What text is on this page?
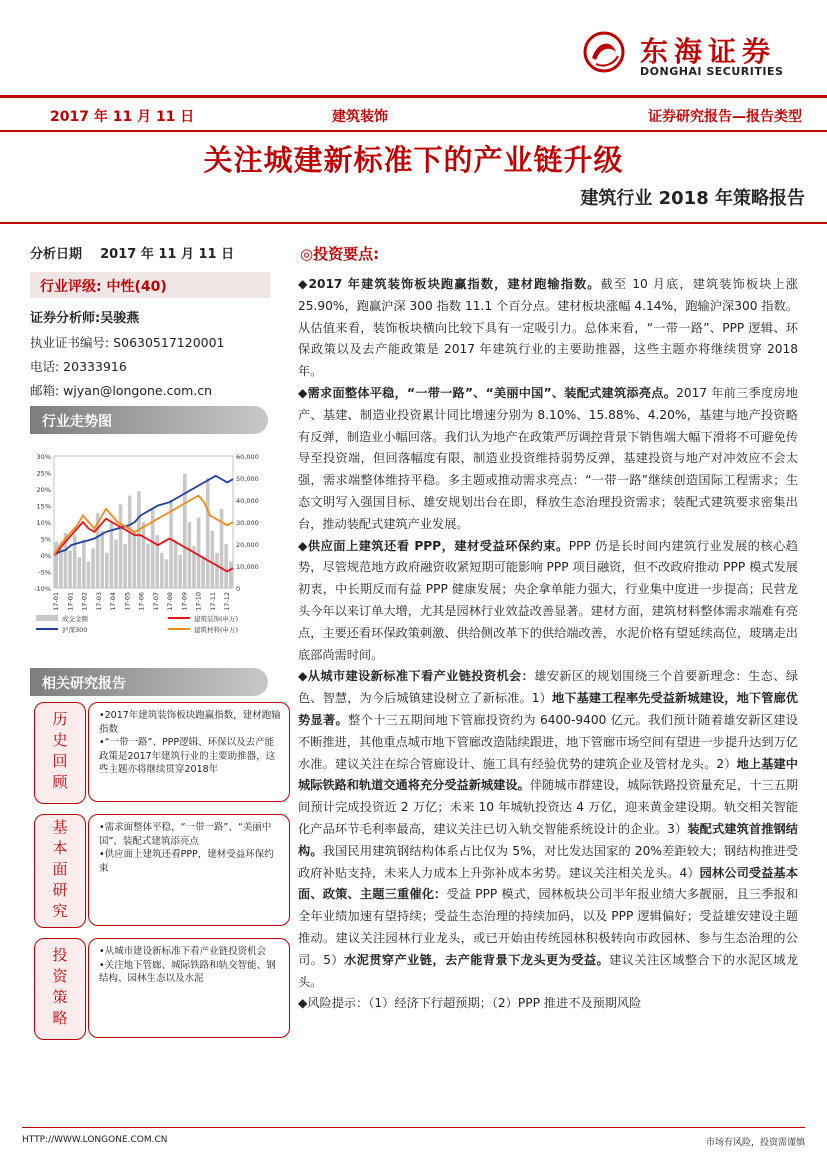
东海证券
DONGHAI SECURITIES
2017 年 11 月 11 日	建筑装饰	证券研究报告—报告类型
关注城建新标准下的产业链升级
建筑行业 2018 年策略报告
分析日期 2017 年 11 月 11 日
行业评级: 中性(40)
证券分析师:吴骏燕
执业证书编号: S0630517120001
电话: 20333916
邮箱: wjyan@longone.com.cn
行业走势图
30%
25%
20%
15%
10%
5%
0%
-5%
-10%
60,000
50,000
40,000
30,000
20,000
10,000
0
17-01 17-01 17-02 17-03 17-04 17-05 17-06 17-07 17-08 17-09 17-10 17-11 17-12
成交金额
沪深300
建筑装饰(申万)
建筑材料(申万)
相关研究报告
历史回顾	•2017年建筑装饰板块跑赢指数，建材跑输指数
•“一带一路”、PPP逻辑、环保以及去产能政策是2017年建筑行业的主要助推器，这些主题亦将继续贯穿2018年
基本面研究	•需求面整体平稳，“一带一路”、“美丽中国”、装配式建筑添亮点
•供应面上建筑还看PPP，建材受益环保约束
投资策略	•从城市建设新标准下看产业链投资机会
•关注地下管廊、城际铁路和轨交智能、钢结构、园林生态以及水泥
◎投资要点:

◆2017 年建筑装饰板块跑赢指数，建材跑输指数。截至 10 月底，建筑装饰板块上涨 25.90%，跑赢沪深 300 指数 11.1 个百分点。建材板块涨幅 4.14%，跑输沪深300 指数。从估值来看，装饰板块横向比较下具有一定吸引力。总体来看，“一带一路”、PPP 逻辑、环保政策以及去产能政策是 2017 年建筑行业的主要助推器，这些主题亦将继续贯穿 2018 年。

◆需求面整体平稳，“一带一路”、“美丽中国”、装配式建筑添亮点。2017 年前三季度房地产、基建、制造业投资累计同比增速分别为 8.10%、15.88%、4.20%，基建与地产投资略有反弹，制造业小幅回落。我们认为地产在政策严厉调控背景下销售端大幅下滑将不可避免传导至投资端，但回落幅度有限，制造业投资维持弱势反弹，基建投资与地产对冲效应不会太强，需求端整体维持平稳。多主题或推动需求亮点：“一带一路”继续创造国际工程需求；生态文明写入强国目标、雄安规划出台在即，释放生态治理投资需求；装配式建筑要求密集出台，推动装配式建筑产业发展。

◆供应面上建筑还看 PPP，建材受益环保约束。PPP 仍是长时间内建筑行业发展的核心趋势，尽管规范地方政府融资收紧短期可能影响 PPP 项目融资，但不改政府推动 PPP 模式发展初衷，中长期反而有益 PPP 健康发展；央企拿单能力强大，行业集中度进一步提高；民营龙头今年以来订单大增，尤其是园林行业效益改善显著。建材方面，建筑材料整体需求端难有亮点，主要还看环保政策刺激、供给侧改革下的供给端改善，水泥价格有望延续高位，玻璃走出底部尚需时间。

◆从城市建设新标准下看产业链投资机会：雄安新区的规划围绕三个首要新理念：生态、绿色、智慧，为今后城镇建设树立了新标准。1）地下基建工程率先受益新城建设，地下管廊优势显著。整个十三五期间地下管廊投资约为 6400-9400 亿元。我们预计随着雄安新区建设不断推进，其他重点城市地下管廊改造陆续跟进，地下管廊市场空间有望进一步提升达到万亿水准。建议关注在综合管廊设计、施工具有经验优势的建筑企业及管材龙头。2）地上基建中城际铁路和轨道交通将充分受益新城建设。伴随城市群建设，城际铁路投资量充足，十三五期间预计完成投资近 2 万亿；未来 10 年城轨投资达 4 万亿，迎来黄金建设期。轨交相关智能化产品环节毛利率最高，建议关注已切入轨交智能系统设计的企业。3）装配式建筑首推钢结构。我国民用建筑钢结构体系占比仅为 5%，对比发达国家的 20%差距较大；钢结构推进受政府补贴支持，未来人力成本上升弥补成本劣势。建议关注相关龙头。4）园林公司受益基本面、政策、主题三重催化：受益 PPP 模式，园林板块公司半年报业绩大多靓丽，且三季报和全年业绩加速有望持续；受益生态治理的持续加码，以及 PPP 逻辑偏好；受益雄安建设主题推动。建议关注园林行业龙头，或已开始由传统园林积极转向市政园林、参与生态治理的公司。5）水泥贯穿产业链，去产能背景下龙头更为受益。建议关注区域整合下的水泥区域龙头。

◆风险提示：（1）经济下行超预期；（2）PPP 推进不及预期风险

HTTP://WWW.LONGONE.COM.CN	市场有风险，投资需谨慎
